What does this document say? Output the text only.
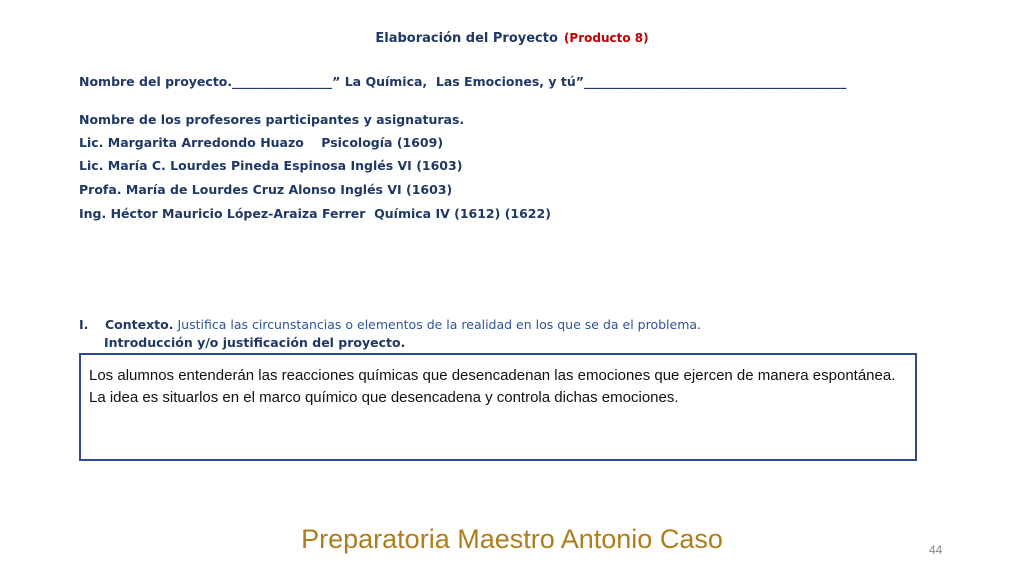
Elaboración del Proyecto (Producto 8)
Nombre del proyecto.________________” La Química,  Las Emociones, y tú”__________________________________________
Nombre de los profesores participantes y asignaturas.
Lic. Margarita Arredondo Huazo    Psicología (1609)
Lic. María C. Lourdes Pineda Espinosa Inglés VI (1603)
Profa. María de Lourdes Cruz Alonso Inglés VI (1603)
Ing. Héctor Mauricio López-Araiza Ferrer  Química IV (1612) (1622)
I. Contexto. Justifica las circunstancias o elementos de la realidad en los que se da el problema.
Introducción y/o justificación del proyecto.
Los alumnos entenderán las reacciones químicas que desencadenan las emociones que ejercen de manera espontánea. La idea es situarlos en el marco químico que desencadena y controla dichas emociones.
Preparatoria Maestro Antonio Caso	44
